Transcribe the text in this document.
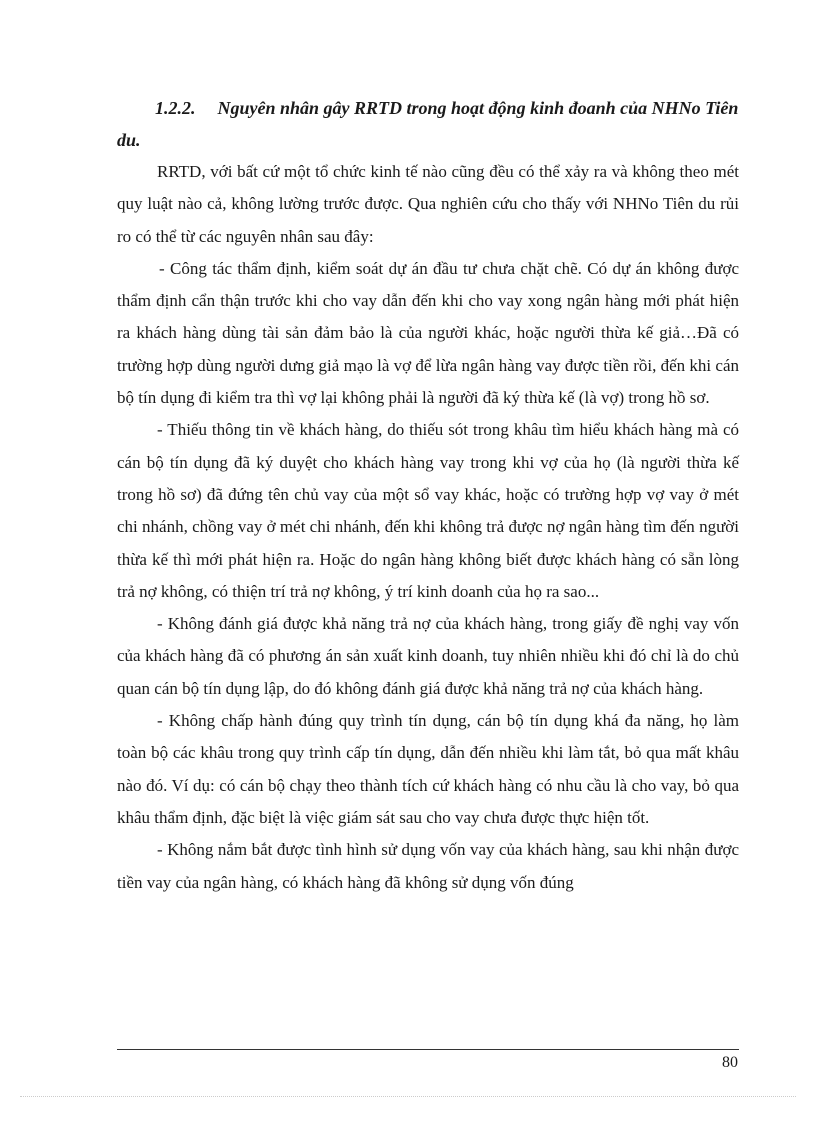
1.2.2. Nguyên nhân gây RRTD trong hoạt động kinh đoanh của NHNo Tiên du.

RRTD, với bất cứ một tổ chức kinh tế nào cũng đều có thể xảy ra và không theo mét quy luật nào cả, không lường trước được. Qua nghiên cứu cho thấy với NHNo Tiên du rủi ro có thể từ các nguyên nhân sau đây:

- Công tác thẩm định, kiểm soát dự án đầu tư chưa chặt chẽ. Có dự án không được thẩm định cẩn thận trước khi cho vay dẫn đến khi cho vay xong ngân hàng mới phát hiện ra khách hàng dùng tài sản đảm bảo là của người khác, hoặc người thừa kế giả…Đã có trường hợp dùng người dưng giả mạo là vợ để lừa ngân hàng vay được tiền rồi, đến khi cán bộ tín dụng đi kiểm tra thì vợ lại không phải là người đã ký thừa kế (là vợ) trong hồ sơ.

- Thiếu thông tin về khách hàng, do thiếu sót trong khâu tìm hiểu khách hàng mà có cán bộ tín dụng đã ký duyệt cho khách hàng vay trong khi vợ của họ (là người thừa kế trong hồ sơ) đã đứng tên chủ vay của một sổ vay khác, hoặc có trường hợp vợ vay ở mét chi nhánh, chồng vay ở mét chi nhánh, đến khi không trả được nợ ngân hàng tìm đến người thừa kế thì mới phát hiện ra. Hoặc do ngân hàng không biết được khách hàng có sẵn lòng trả nợ không, có thiện trí trả nợ không, ý trí kinh doanh của họ ra sao...

- Không đánh giá được khả năng trả nợ của khách hàng, trong giấy đề nghị vay vốn của khách hàng đã có phương án sản xuất kinh doanh, tuy nhiên nhiều khi đó chỉ là do chủ quan cán bộ tín dụng lập, do đó không đánh giá được khả năng trả nợ của khách hàng.

- Không chấp hành đúng quy trình tín dụng, cán bộ tín dụng khá đa năng, họ làm toàn bộ các khâu trong quy trình cấp tín dụng, dẫn đến nhiều khi làm tắt, bỏ qua mất khâu nào đó. Ví dụ: có cán bộ chạy theo thành tích cứ khách hàng có nhu cầu là cho vay, bỏ qua khâu thẩm định, đặc biệt là việc giám sát sau cho vay chưa được thực hiện tốt.

- Không nắm bắt được tình hình sử dụng vốn vay của khách hàng, sau khi nhận được tiền vay của ngân hàng, có khách hàng đã không sử dụng vốn đúng

80
